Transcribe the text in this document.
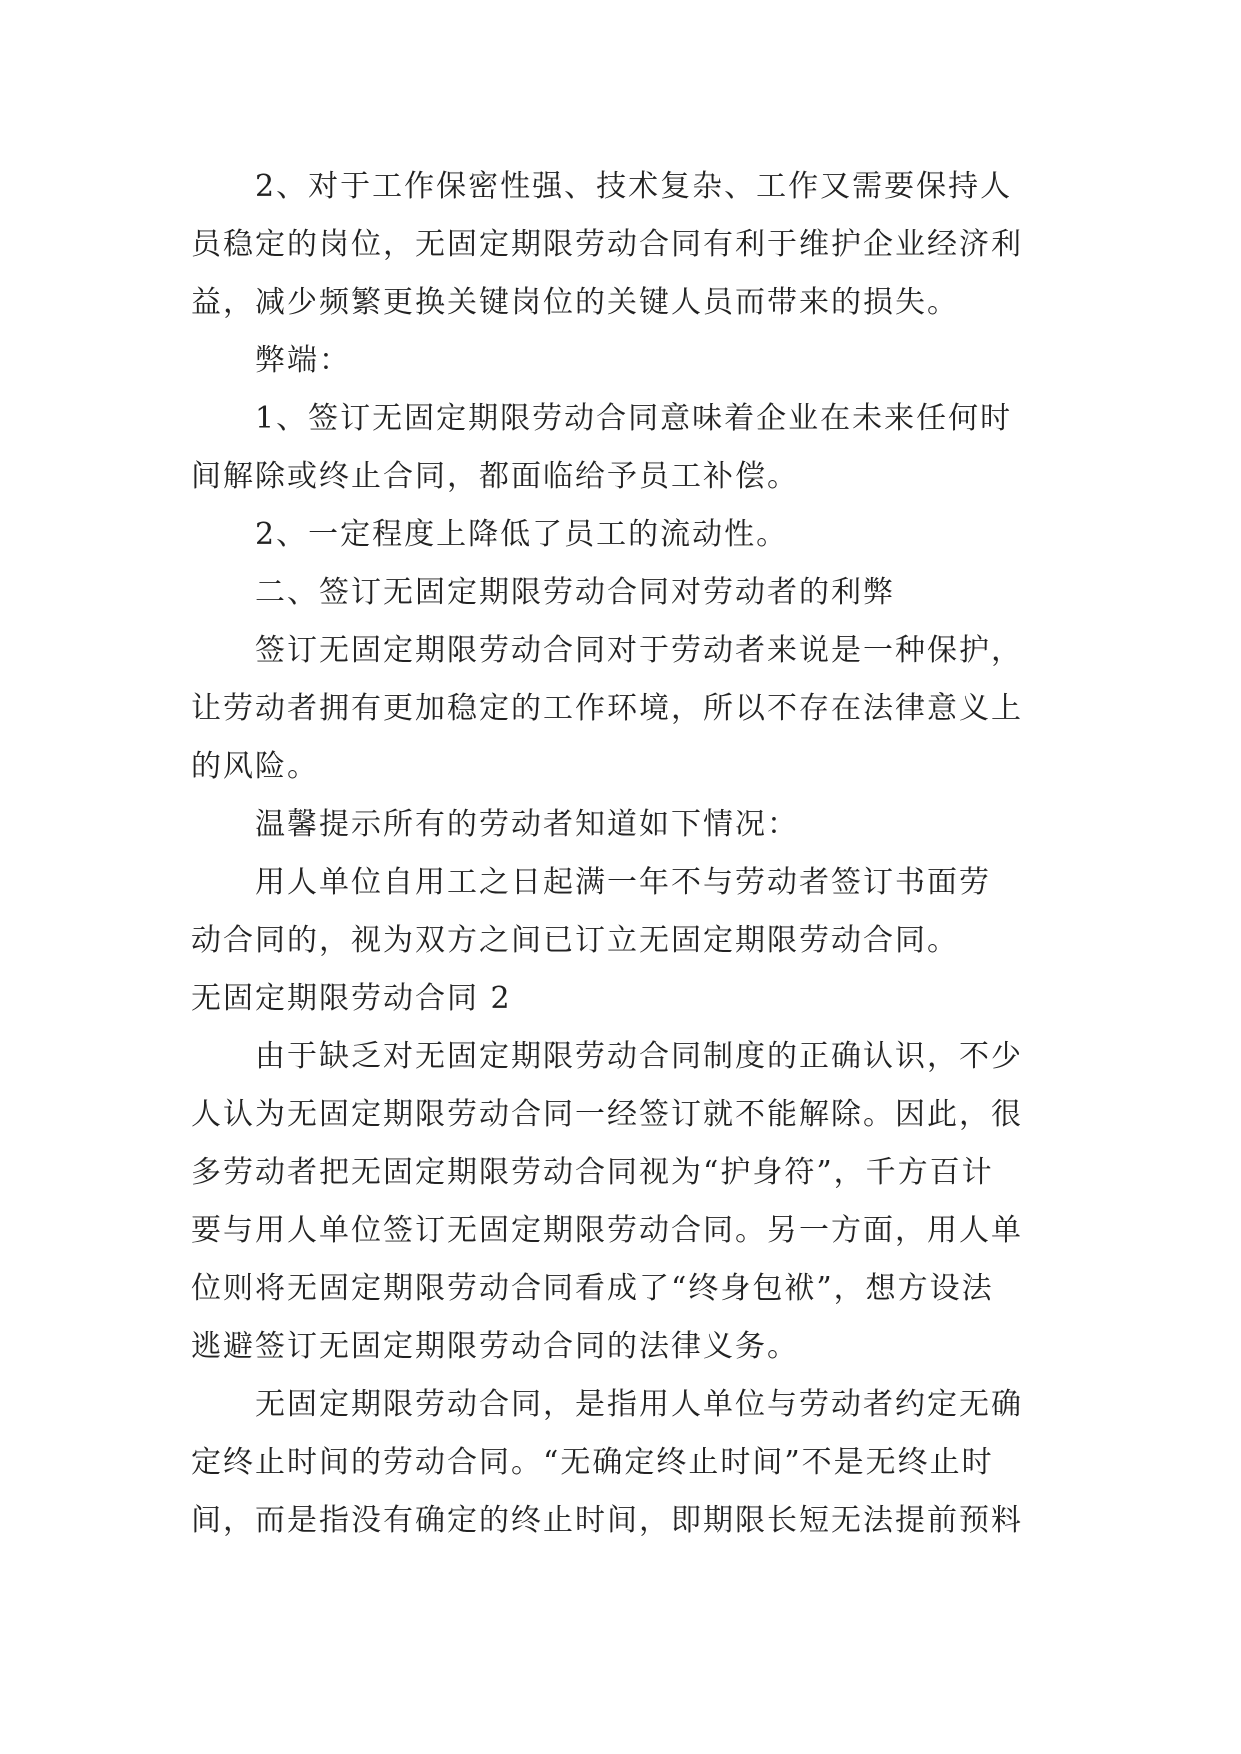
2、对于工作保密性强、技术复杂、工作又需要保持人
员稳定的岗位，无固定期限劳动合同有利于维护企业经济利
益，减少频繁更换关键岗位的关键人员而带来的损失。

弊端：

1、签订无固定期限劳动合同意味着企业在未来任何时
间解除或终止合同，都面临给予员工补偿。

2、一定程度上降低了员工的流动性。

二、签订无固定期限劳动合同对劳动者的利弊

签订无固定期限劳动合同对于劳动者来说是一种保护，
让劳动者拥有更加稳定的工作环境，所以不存在法律意义上
的风险。

温馨提示所有的劳动者知道如下情况：

用人单位自用工之日起满一年不与劳动者签订书面劳
动合同的，视为双方之间已订立无固定期限劳动合同。

无固定期限劳动合同 2

由于缺乏对无固定期限劳动合同制度的正确认识，不少
人认为无固定期限劳动合同一经签订就不能解除。因此，很
多劳动者把无固定期限劳动合同视为“护身符”，千方百计
要与用人单位签订无固定期限劳动合同。另一方面，用人单
位则将无固定期限劳动合同看成了“终身包袱”，想方设法
逃避签订无固定期限劳动合同的法律义务。

无固定期限劳动合同，是指用人单位与劳动者约定无确
定终止时间的劳动合同。“无确定终止时间”不是无终止时
间，而是指没有确定的终止时间，即期限长短无法提前预料
